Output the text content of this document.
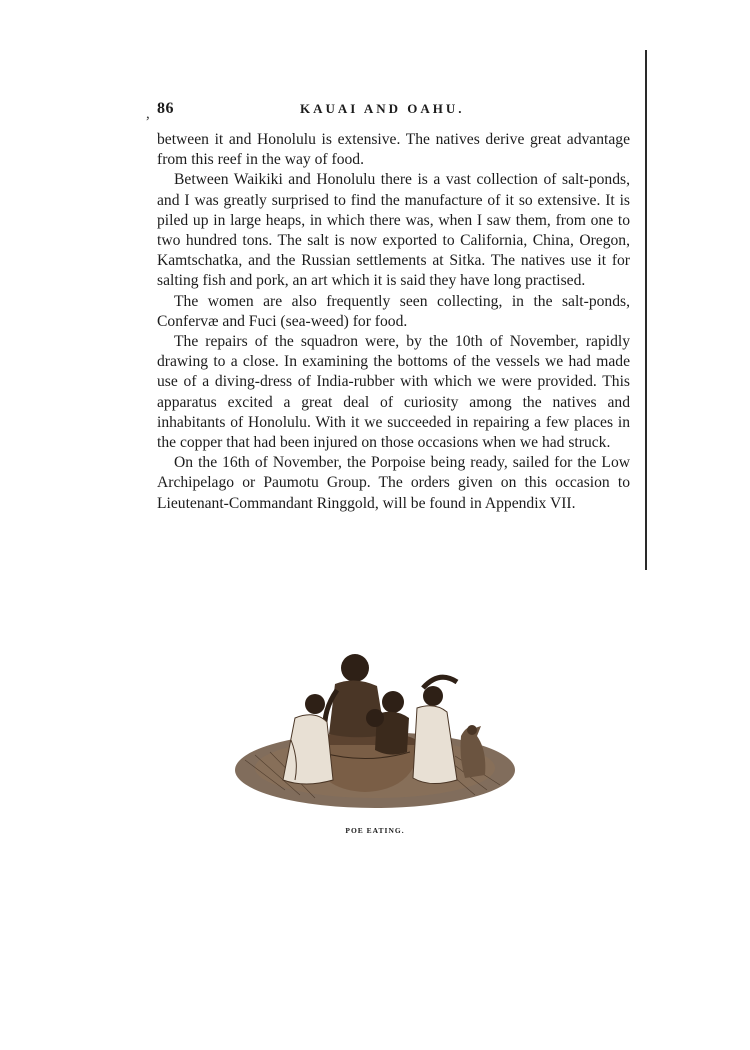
, 86	KAUAI AND OAHU.

between it and Honolulu is extensive. The natives derive great advantage from this reef in the way of food.

Between Waikiki and Honolulu there is a vast collection of salt-ponds, and I was greatly surprised to find the manufacture of it so extensive. It is piled up in large heaps, in which there was, when I saw them, from one to two hundred tons. The salt is now exported to California, China, Oregon, Kamtschatka, and the Russian settlements at Sitka. The natives use it for salting fish and pork, an art which it is said they have long practised.

The women are also frequently seen collecting, in the salt-ponds, Confervæ and Fuci (sea-weed) for food.

The repairs of the squadron were, by the 10th of November, rapidly drawing to a close. In examining the bottoms of the vessels we had made use of a diving-dress of India-rubber with which we were provided. This apparatus excited a great deal of curiosity among the natives and inhabitants of Honolulu. With it we succeeded in repairing a few places in the copper that had been injured on those occasions when we had struck.

On the 16th of November, the Porpoise being ready, sailed for the Low Archipelago or Paumotu Group. The orders given on this occasion to Lieutenant-Commandant Ringgold, will be found in Appendix VII.

POE EATING.
